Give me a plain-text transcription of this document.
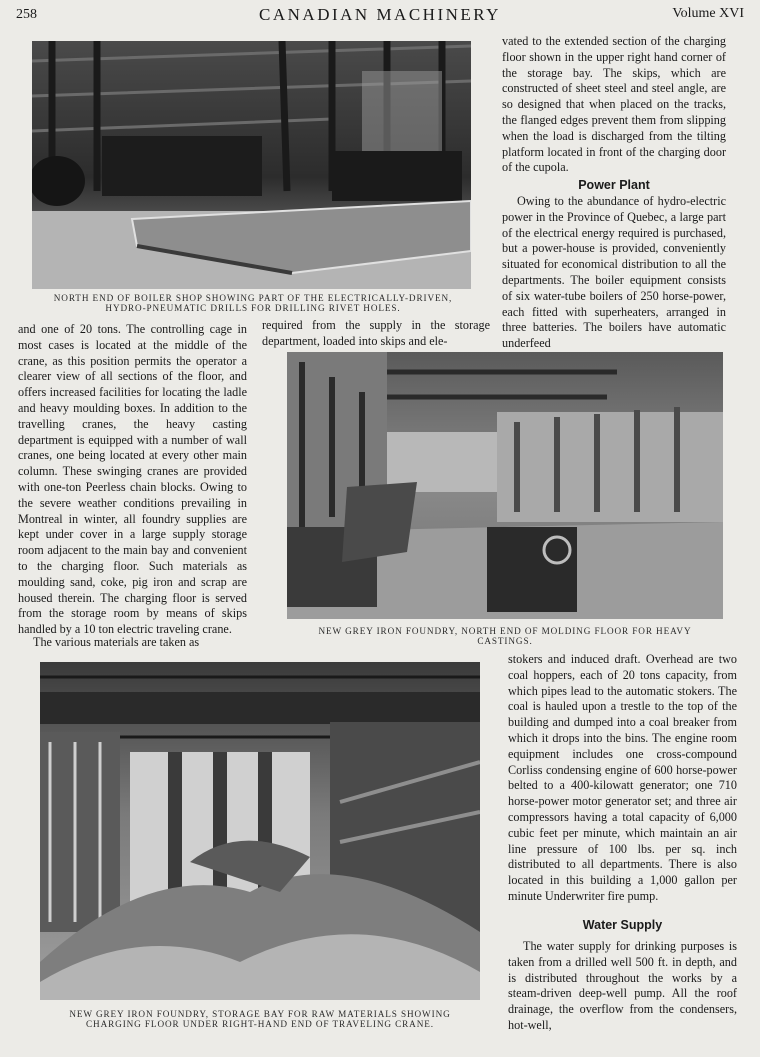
258	CANADIAN MACHINERY	Volume XVI
NORTH END OF BOILER SHOP SHOWING PART OF THE ELECTRICALLY-DRIVEN,
HYDRO-PNEUMATIC DRILLS FOR DRILLING RIVET HOLES.

vated to the extended section of the charging floor shown in the upper right hand corner of the storage bay. The skips, which are constructed of sheet steel and steel angle, are so designed that when placed on the tracks, the flanged edges prevent them from slipping when the load is discharged from the tilting platform located in front of the charging door of the cupola.

Power Plant

Owing to the abundance of hydro-electric power in the Province of Quebec, a large part of the electrical energy required is purchased, but a power-house is provided, conveniently situated for economical distribution to all the departments. The boiler equipment consists of six water-tube boilers of 250 horse-power, each fitted with superheaters, arranged in three batteries. The boilers have automatic underfeed

and one of 20 tons. The controlling cage in most cases is located at the middle of the crane, as this position permits the operator a clearer view of all sections of the floor, and offers increased facilities for locating the ladle and heavy moulding boxes. In addition to the travelling cranes, the heavy casting department is equipped with a number of wall cranes, one being located at every other main column. These swinging cranes are provided with one-ton Peerless chain blocks. Owing to the severe weather conditions prevailing in Montreal in winter, all foundry supplies are kept under cover in a large supply storage room adjacent to the main bay and convenient to the charging floor. Such materials as moulding sand, coke, pig iron and scrap are housed therein. The charging floor is served from the storage room by means of skips handled by a 10 ton electric traveling crane.

The various materials are taken as

required from the supply in the storage department, loaded into skips and ele-

NEW GREY IRON FOUNDRY, NORTH END OF MOLDING FLOOR FOR HEAVY
CASTINGS.
NEW GREY IRON FOUNDRY, STORAGE BAY FOR RAW MATERIALS SHOWING
CHARGING FLOOR UNDER RIGHT-HAND END OF TRAVELING CRANE.

stokers and induced draft. Overhead are two coal hoppers, each of 20 tons capacity, from which pipes lead to the automatic stokers. The coal is hauled upon a trestle to the top of the building and dumped into a coal breaker from which it drops into the bins. The engine room equipment includes one cross-compound Corliss condensing engine of 600 horse-power belted to a 400-kilowatt generator; one 710 horse-power motor generator set; and three air compressors having a total capacity of 6,000 cubic feet per minute, which maintain an air line pressure of 100 lbs. per sq. inch distributed to all departments. There is also located in this building a 1,000 gallon per minute Underwriter fire pump.

Water Supply

The water supply for drinking purposes is taken from a drilled well 500 ft. in depth, and is distributed throughout the works by a steam-driven deep-well pump. All the roof drainage, the overflow from the condensers, hot-well,
